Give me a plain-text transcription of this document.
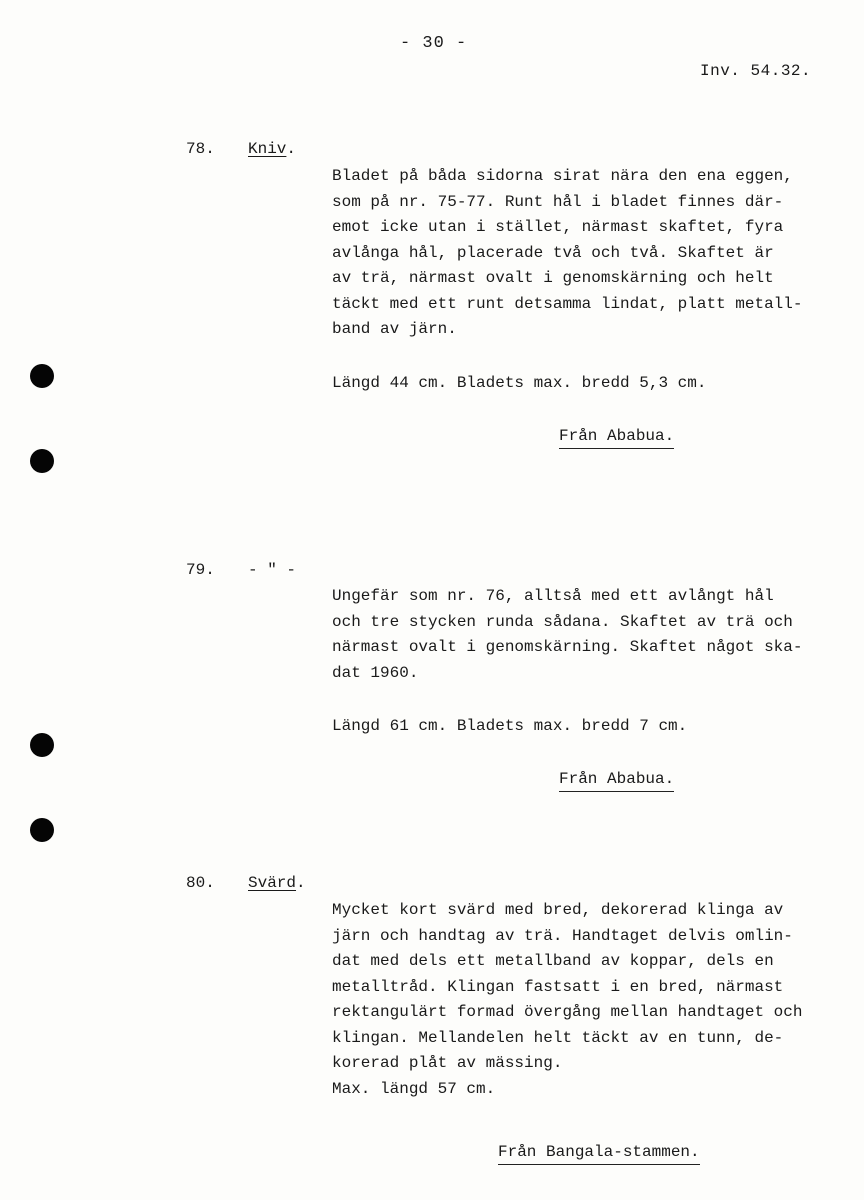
- 30 -
Inv. 54.32.
78. Kniv.

Bladet på båda sidorna sirat nära den ena eggen,
som på nr. 75-77. Runt hål i bladet finnes där-
emot icke utan i stället, närmast skaftet, fyra
avlånga hål, placerade två och två. Skaftet är
av trä, närmast ovalt i genomskärning och helt
täckt med ett runt detsamma lindat, platt metall-
band av järn.

Längd 44 cm. Bladets max. bredd 5,3 cm.
Från Ababua.
79. - " -

Ungefär som nr. 76, alltså med ett avlångt hål
och tre stycken runda sådana. Skaftet av trä och
närmast ovalt i genomskärning. Skaftet något ska-
dat 1960.

Längd 61 cm. Bladets max. bredd 7 cm.
Från Ababua.
80. Svärd.

Mycket kort svärd med bred, dekorerad klinga av
järn och handtag av trä. Handtaget delvis omlin-
dat med dels ett metallband av koppar, dels en
metalltråd. Klingan fastsatt i en bred, närmast
rektangulärt formad övergång mellan handtaget och
klingan. Mellandelen helt täckt av en tunn, de-
korerad plåt av mässing.
Max. längd 57 cm.

Från Bangala-stammen.
